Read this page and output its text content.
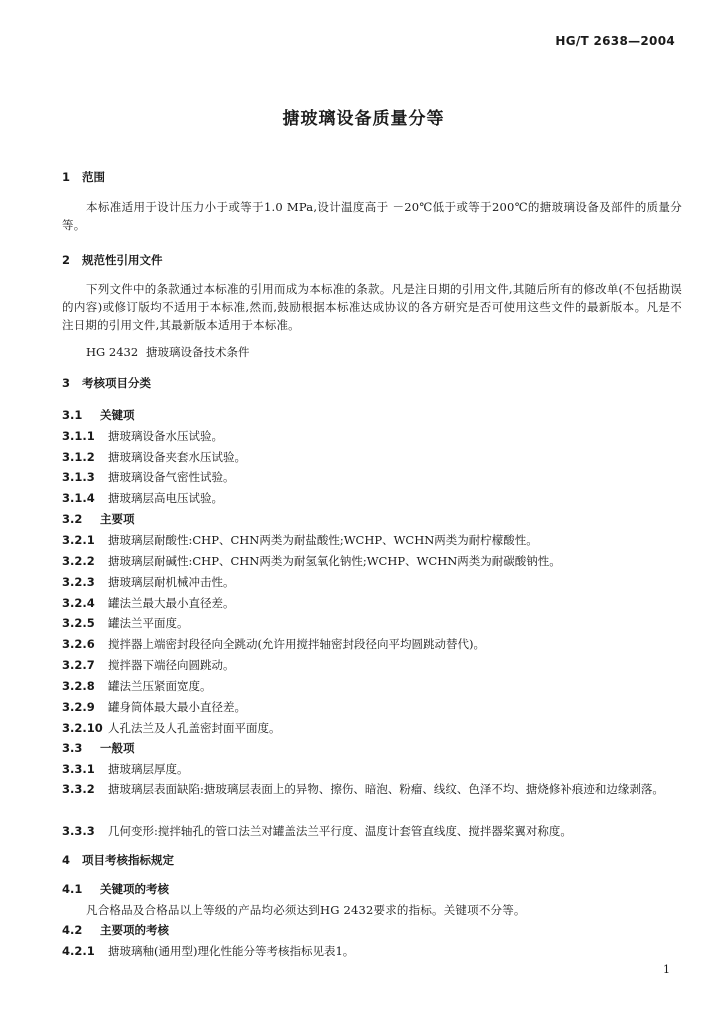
HG/T 2638—2004
搪玻璃设备质量分等
1 范围
本标准适用于设计压力小于或等于1.0 MPa,设计温度高于 －20℃低于或等于200℃的搪玻璃设备及部件的质量分等。
2 规范性引用文件
下列文件中的条款通过本标准的引用而成为本标准的条款。凡是注日期的引用文件,其随后所有的修改单(不包括勘误的内容)或修订版均不适用于本标准,然而,鼓励根据本标准达成协议的各方研究是否可使用这些文件的最新版本。凡是不注日期的引用文件,其最新版本适用于本标准。
HG 2432 搪玻璃设备技术条件
3 考核项目分类
3.1 关键项
3.1.1 搪玻璃设备水压试验。
3.1.2 搪玻璃设备夹套水压试验。
3.1.3 搪玻璃设备气密性试验。
3.1.4 搪玻璃层高电压试验。
3.2 主要项
3.2.1 搪玻璃层耐酸性:CHP、CHN两类为耐盐酸性;WCHP、WCHN两类为耐柠檬酸性。
3.2.2 搪玻璃层耐碱性:CHP、CHN两类为耐氢氧化钠性;WCHP、WCHN两类为耐碳酸钠性。
3.2.3 搪玻璃层耐机械冲击性。
3.2.4 罐法兰最大最小直径差。
3.2.5 罐法兰平面度。
3.2.6 搅拌器上端密封段径向全跳动(允许用搅拌轴密封段径向平均圆跳动替代)。
3.2.7 搅拌器下端径向圆跳动。
3.2.8 罐法兰压紧面宽度。
3.2.9 罐身筒体最大最小直径差。
3.2.10 人孔法兰及人孔盖密封面平面度。
3.3 一般项
3.3.1 搪玻璃层厚度。
3.3.2 搪玻璃层表面缺陷:搪玻璃层表面上的异物、擦伤、暗泡、粉瘤、线纹、色泽不均、搪烧修补痕迹和边缘剥落。
3.3.3 几何变形:搅拌轴孔的管口法兰对罐盖法兰平行度、温度计套管直线度、搅拌器桨翼对称度。
4 项目考核指标规定
4.1 关键项的考核
凡合格品及合格品以上等级的产品均必须达到HG 2432要求的指标。关键项不分等。
4.2 主要项的考核
4.2.1 搪玻璃釉(通用型)理化性能分等考核指标见表1。
1
